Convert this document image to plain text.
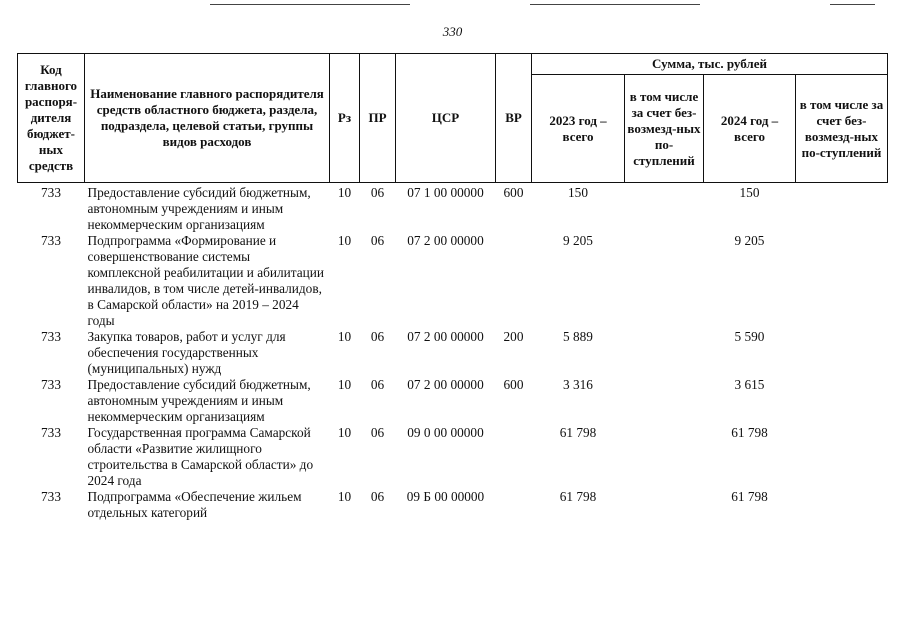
330
Код главного распоря-дителя бюджет-ных средств	Наименование главного распорядителя средств областного бюджета, раздела, подраздела, целевой статьи, группы видов расходов	Рз	ПР	ЦСР	ВР	Сумма, тыс. рублей			
						2023 год – всего	в том числе за счет без-возмезд-ных по-ступлений	2024 год – всего	в том числе за счет без-возмезд-ных по-ступлений
733	Предоставление субсидий бюджетным, автономным учреждениям и иным некоммерческим организациям	10	06	07 1 00 00000	600	150		150	
733	Подпрограмма «Формирование и совершенствование системы комплексной реабилитации и абилитации инвалидов, в том числе детей-инвалидов, в Самарской области» на 2019 – 2024 годы	10	06	07 2 00 00000		9 205		9 205	
733	Закупка товаров, работ и услуг для обеспечения государственных (муниципальных) нужд	10	06	07 2 00 00000	200	5 889		5 590	
733	Предоставление субсидий бюджетным, автономным учреждениям и иным некоммерческим организациям	10	06	07 2 00 00000	600	3 316		3 615	
733	Государственная программа Самарской области «Развитие жилищного строительства в Самарской области» до 2024 года	10	06	09 0 00 00000		61 798		61 798	
733	Подпрограмма «Обеспечение жильем отдельных категорий	10	06	09 Б 00 00000		61 798		61 798	
